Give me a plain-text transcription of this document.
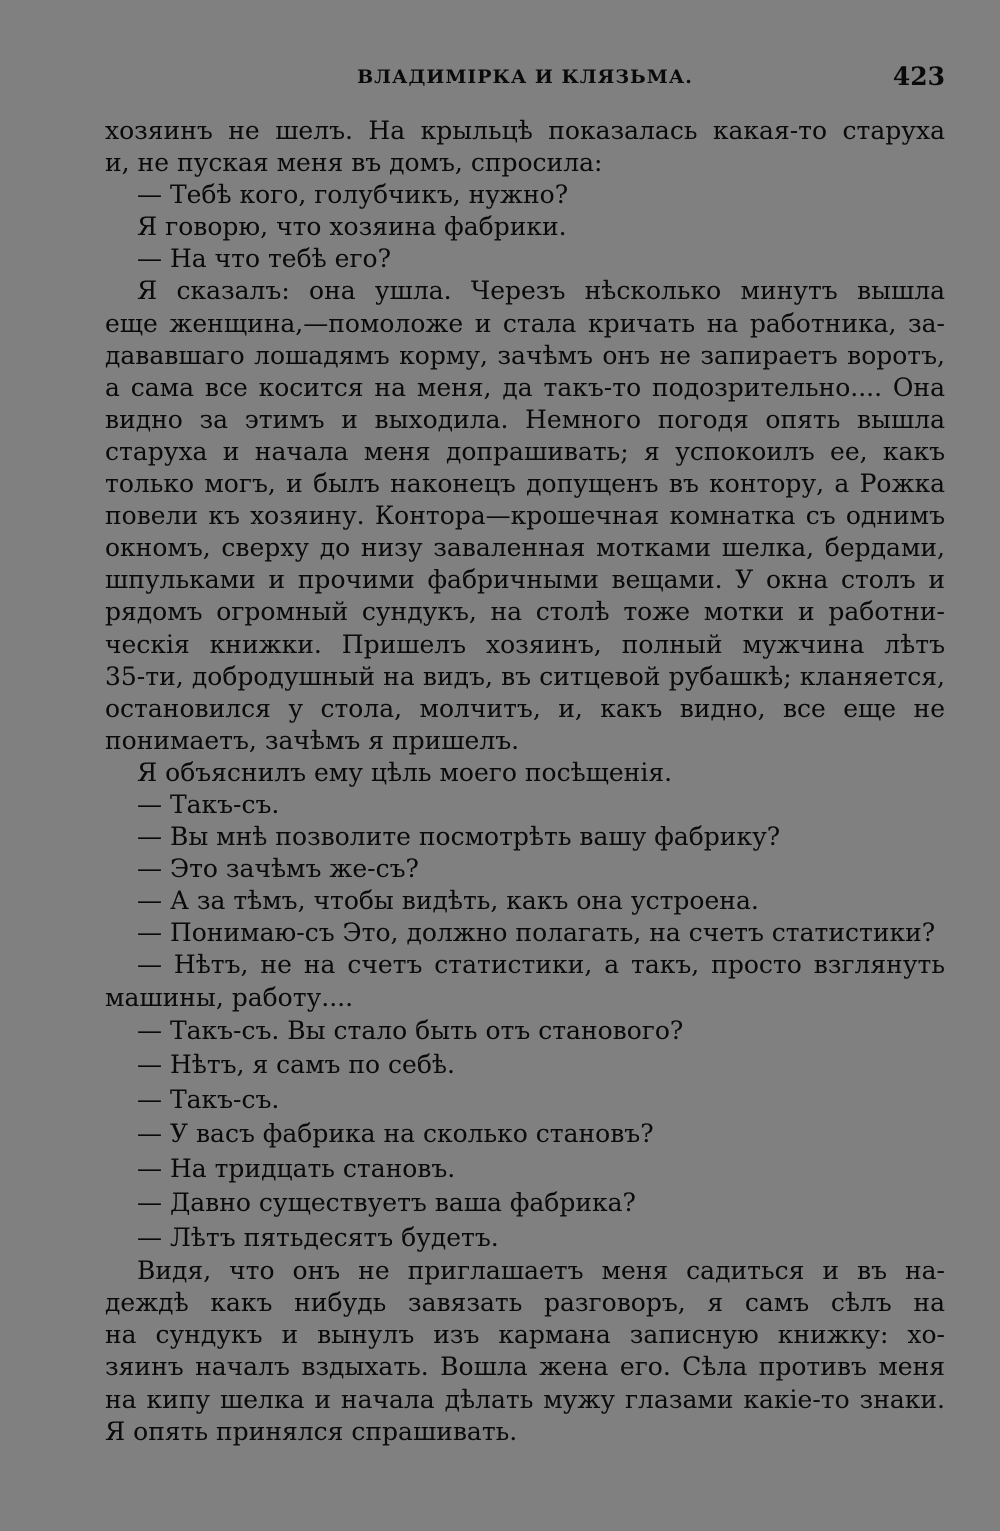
ВЛАДИМІРКА И КЛЯЗЬМА.	423
хозяинъ не шелъ. На крыльцѣ показалась какая-то старуха
и, не пуская меня въ домъ, спросила:
— Тебѣ кого, голубчикъ, нужно?
Я говорю, что хозяина фабрики.
— На что тебѣ его?
Я сказалъ: она ушла. Черезъ нѣсколько минутъ вышла
еще женщина,—помоложе и стала кричать на работника, за-
дававшаго лошадямъ корму, зачѣмъ онъ не запираетъ воротъ,
а сама все косится на меня, да такъ-то подозрительно.... Она
видно за этимъ и выходила. Немного погодя опять вышла
старуха и начала меня допрашивать; я успокоилъ ее, какъ
только могъ, и былъ наконецъ допущенъ въ контору, а Рожка
повели къ хозяину. Контора—крошечная комнатка съ однимъ
окномъ, сверху до низу заваленная мотками шелка, бердами,
шпульками и прочими фабричными вещами. У окна столъ и
рядомъ огромный сундукъ, на столѣ тоже мотки и работни-
ческія книжки. Пришелъ хозяинъ, полный мужчина лѣтъ
35-ти, добродушный на видъ, въ ситцевой рубашкѣ; кланяется,
остановился у стола, молчитъ, и, какъ видно, все еще не
понимаетъ, зачѣмъ я пришелъ.
Я объяснилъ ему цѣль моего посѣщенія.
— Такъ-съ.
— Вы мнѣ позволите посмотрѣть вашу фабрику?
— Это зачѣмъ же-съ?
— А за тѣмъ, чтобы видѣть, какъ она устроена.
— Понимаю-съ Это, должно полагать, на счетъ статистики?
— Нѣтъ, не на счетъ статистики, а такъ, просто взглянуть
машины, работу....
— Такъ-съ. Вы стало быть отъ станового?
— Нѣтъ, я самъ по себѣ.
— Такъ-съ.
— У васъ фабрика на сколько становъ?
— На тридцать становъ.
— Давно существуетъ ваша фабрика?
— Лѣтъ пятьдесятъ будетъ.
Видя, что онъ не приглашаетъ меня садиться и въ на-
деждѣ какъ нибудь завязать разговоръ, я самъ сѣлъ на
на сундукъ и вынулъ изъ кармана записную книжку: хо-
зяинъ началъ вздыхать. Вошла жена его. Сѣла противъ меня
на кипу шелка и начала дѣлать мужу глазами какіе-то знаки.
Я опять принялся спрашивать.
